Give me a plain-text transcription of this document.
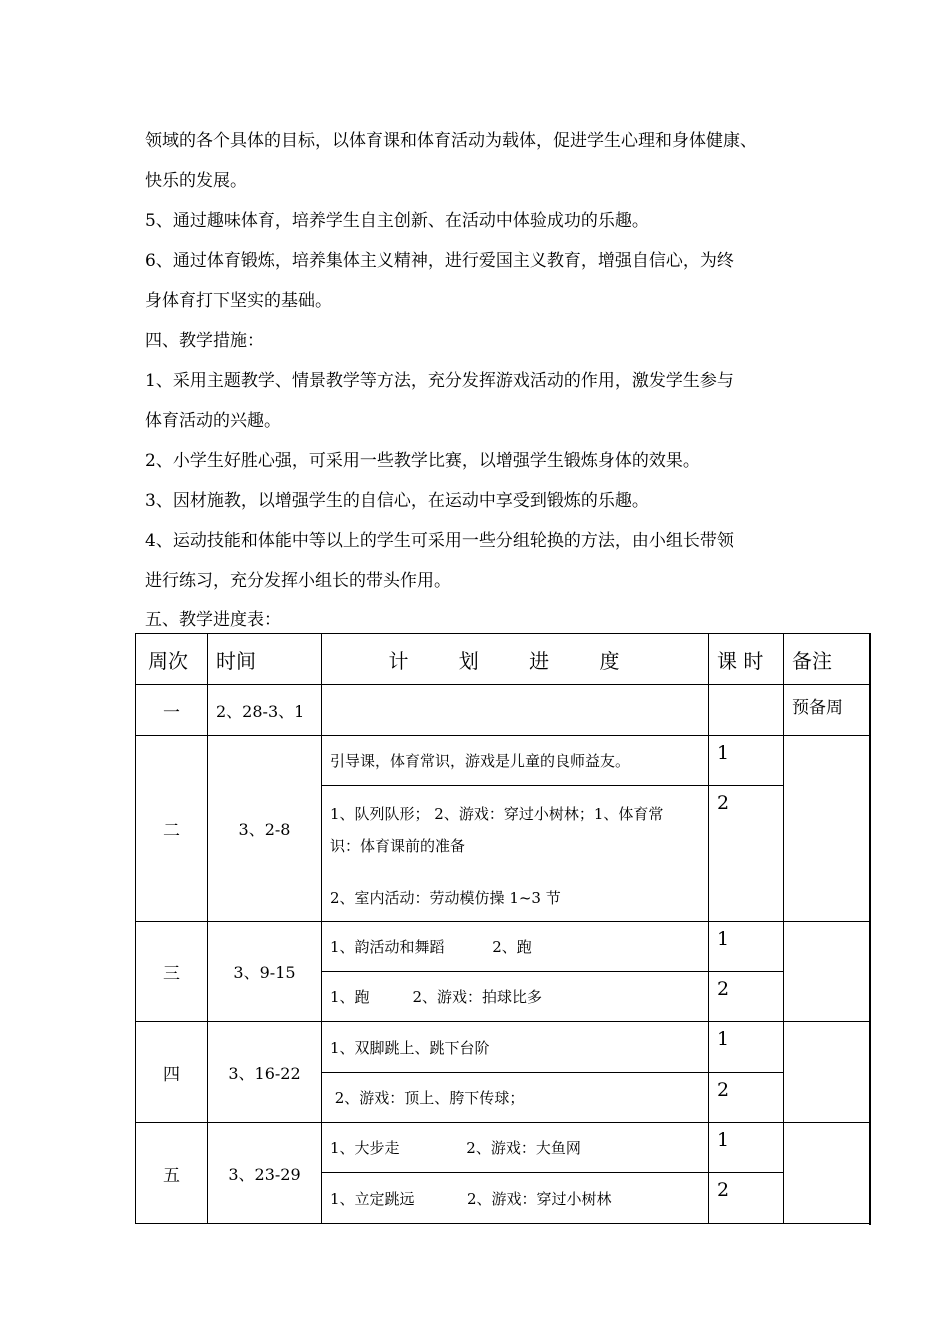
领域的各个具体的目标，以体育课和体育活动为载体，促进学生心理和身体健康、
快乐的发展。
5、通过趣味体育，培养学生自主创新、在活动中体验成功的乐趣。
6、通过体育锻炼，培养集体主义精神，进行爱国主义教育，增强自信心，为终
身体育打下坚实的基础。
四、教学措施：
1、采用主题教学、情景教学等方法，充分发挥游戏活动的作用，激发学生参与
体育活动的兴趣。
2、小学生好胜心强，可采用一些教学比赛，以增强学生锻炼身体的效果。
3、因材施教，以增强学生的自信心，在运动中享受到锻炼的乐趣。
4、运动技能和体能中等以上的学生可采用一些分组轮换的方法，由小组长带领
进行练习，充分发挥小组长的带头作用。
五、教学进度表：
周次	时间	计 划 进 度	课 时	备注
一	2、28-3、1			预备周
二	3、2-8	引导课，体育常识，游戏是儿童的良师益友。	1	

		1、队列队形； 2、游戏：穿过小树林；1、体育常
识：体育课前的准备
2、室内活动：劳动模仿操 1~3 节	2	
三	3、9-15	1、韵活动和舞蹈          2、跑	1	
		1、跑         2、游戏：拍球比多	2	
四	3、16-22	1、双脚跳上、跳下台阶	1	
		2、游戏：顶上、胯下传球；	2	
五	3、23-29	1、大步走              2、游戏：大鱼网	1	
		1、立定跳远           2、游戏：穿过小树林	2	
